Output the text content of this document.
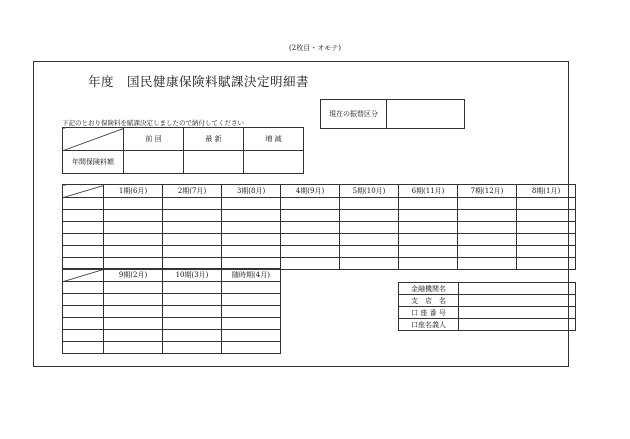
(2枚目・オモテ)
年度　国民健康保険料賦課決定明細書
下記のとおり保険料を賦課決定しましたので納付してください
現在の振替区分	
	前 回	最 新	増 減
年間保険料額			
	1期(6月)	2期(7月)	3期(8月)	4期(9月)	5期(10月)	6期(11月)	7期(12月)	8期(1月)

	9期(2月)	10期(3月)	随時期(4月)

金融機関名	
支　店　名	
口 座 番 号	
口座名義人	
